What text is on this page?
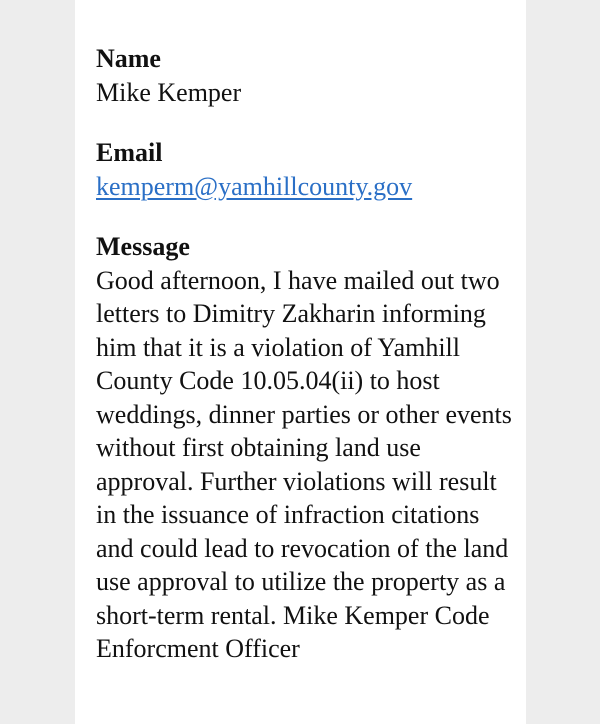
Name
Mike Kemper
Email
kemperm@yamhillcounty.gov
Message
Good afternoon, I have mailed out two letters to Dimitry Zakharin informing him that it is a violation of Yamhill County Code 10.05.04(ii) to host weddings, dinner parties or other events without first obtaining land use approval. Further violations will result in the issuance of infraction citations and could lead to revocation of the land use approval to utilize the property as a short-term rental. Mike Kemper Code Enforcment Officer
